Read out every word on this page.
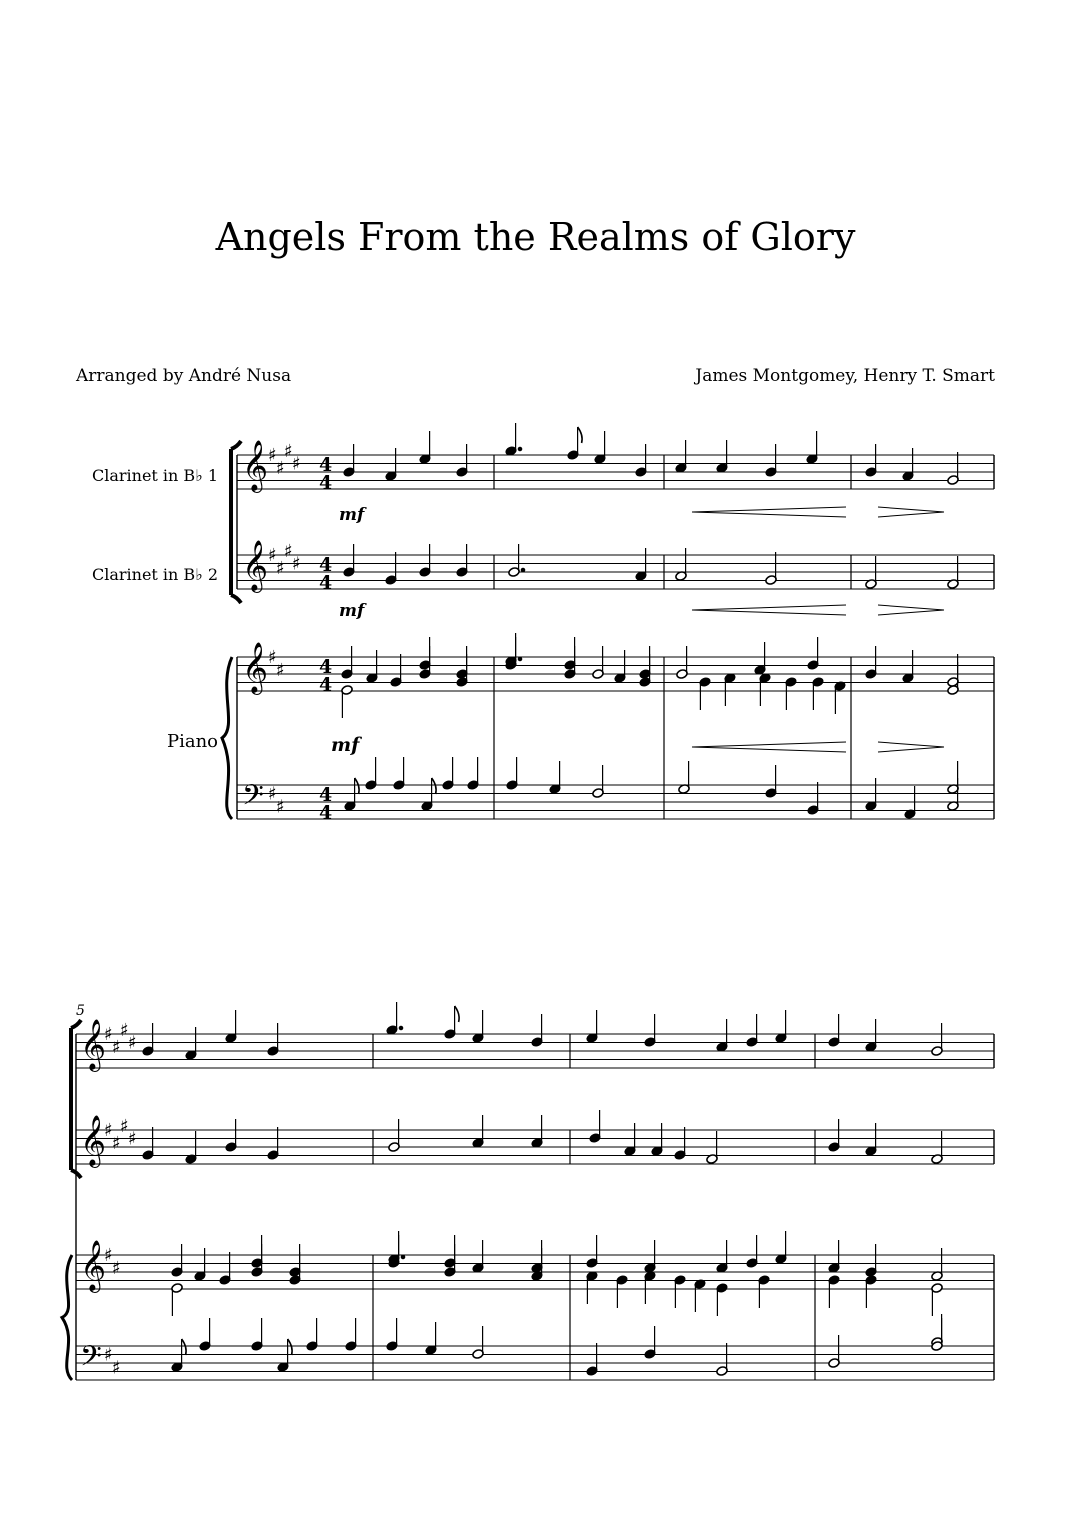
Angels From the Realms of Glory
Arranged by André Nusa	James Montgomey, Henry T. Smart
Clarinet in B♭ 1
Clarinet in B♭ 2
Piano
5
𝄞 ♯
♯
♯
♯ 4
4
𝄞 ♯
♯
♯
♯ 4
4
𝄞 ♯
♯ 4
4
𝄢 ♯
♯
4
4
mf
mf
mf
𝄞
♯
♯
♯
♯
𝄞
♯
♯
♯
♯
𝄞
♯
♯
𝄢 ♯
♯
